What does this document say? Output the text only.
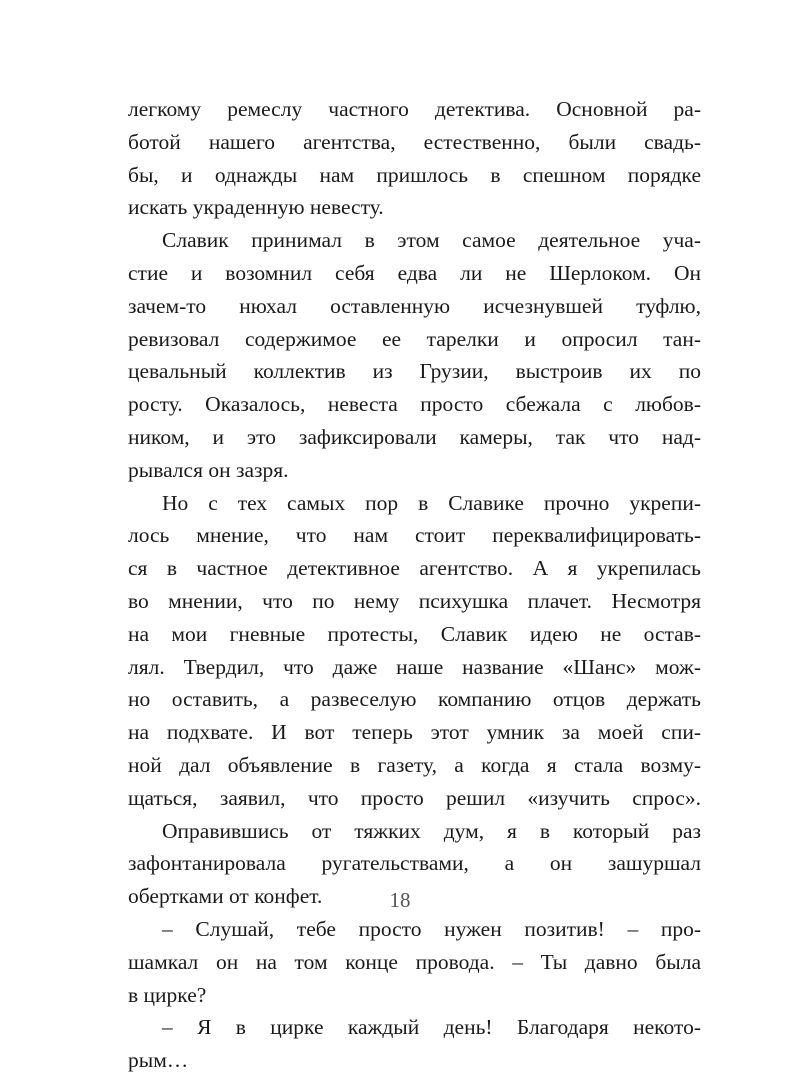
легкому ремеслу частного детектива. Основной ра-
ботой нашего агентства, естественно, были свадь-
бы, и однажды нам пришлось в спешном порядке
искать украденную невесту.
Славик принимал в этом самое деятельное уча-
стие и возомнил себя едва ли не Шерлоком. Он
зачем-то нюхал оставленную исчезнувшей туфлю,
ревизовал содержимое ее тарелки и опросил тан-
цевальный коллектив из Грузии, выстроив их по
росту. Оказалось, невеста просто сбежала с любов-
ником, и это зафиксировали камеры, так что над-
рывался он зазря.
Но с тех самых пор в Славике прочно укрепи-
лось мнение, что нам стоит переквалифицировать-
ся в частное детективное агентство. А я укрепилась
во мнении, что по нему психушка плачет. Несмотря
на мои гневные протесты, Славик идею не остав-
лял. Твердил, что даже наше название «Шанс» мож-
но оставить, а развеселую компанию отцов держать
на подхвате. И вот теперь этот умник за моей спи-
ной дал объявление в газету, а когда я стала возму-
щаться, заявил, что просто решил «изучить спрос».
Оправившись от тяжких дум, я в который раз
зафонтанировала ругательствами, а он зашуршал
обертками от конфет.
– Слушай, тебе просто нужен позитив! – про-
шамкал он на том конце провода. – Ты давно была
в цирке?
– Я в цирке каждый день! Благодаря некото-
рым…
18
